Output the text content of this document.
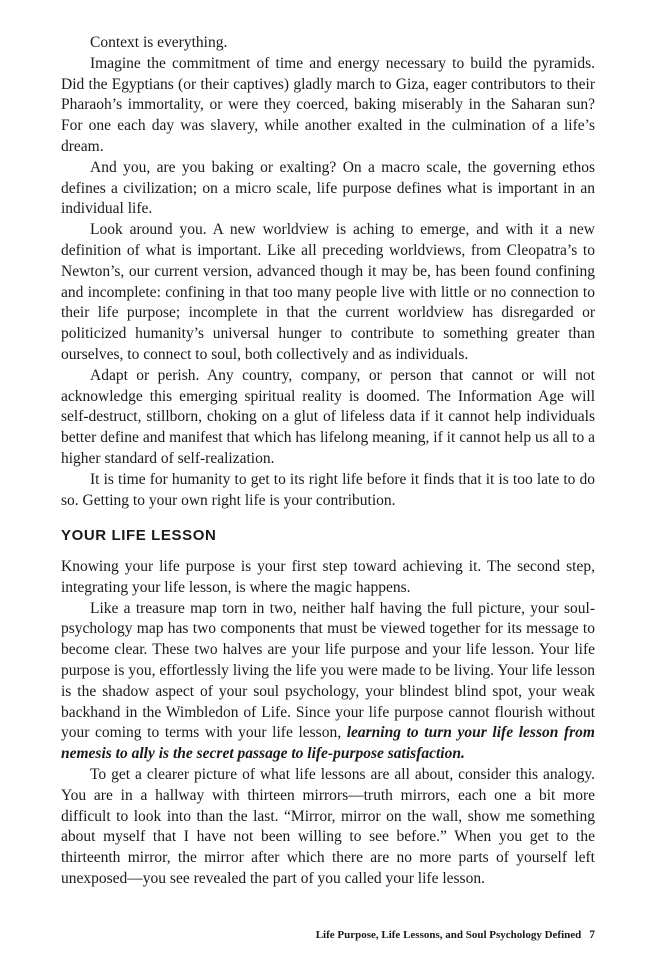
Context is everything.

Imagine the commitment of time and energy necessary to build the pyramids. Did the Egyptians (or their captives) gladly march to Giza, eager contributors to their Pharaoh’s immortality, or were they coerced, baking miserably in the Saharan sun? For one each day was slavery, while another exalted in the culmination of a life’s dream.

And you, are you baking or exalting? On a macro scale, the governing ethos defines a civilization; on a micro scale, life purpose defines what is important in an individual life.

Look around you. A new worldview is aching to emerge, and with it a new definition of what is important. Like all preceding worldviews, from Cleopatra’s to Newton’s, our current version, advanced though it may be, has been found confining and incomplete: confining in that too many people live with little or no connection to their life purpose; incomplete in that the current worldview has disregarded or politicized humanity’s universal hunger to contribute to something greater than ourselves, to connect to soul, both collectively and as individuals.

Adapt or perish. Any country, company, or person that cannot or will not acknowledge this emerging spiritual reality is doomed. The Information Age will self-destruct, stillborn, choking on a glut of lifeless data if it cannot help individuals better define and manifest that which has lifelong meaning, if it cannot help us all to a higher standard of self-realization.

It is time for humanity to get to its right life before it finds that it is too late to do so. Getting to your own right life is your contribution.

YOUR LIFE LESSON

Knowing your life purpose is your first step toward achieving it. The second step, integrating your life lesson, is where the magic happens.

Like a treasure map torn in two, neither half having the full picture, your soul-psychology map has two components that must be viewed together for its message to become clear. These two halves are your life purpose and your life lesson. Your life purpose is you, effortlessly living the life you were made to be living. Your life lesson is the shadow aspect of your soul psychology, your blindest blind spot, your weak backhand in the Wimbledon of Life. Since your life purpose cannot flourish without your coming to terms with your life lesson, learning to turn your life lesson from nemesis to ally is the secret passage to life-purpose satisfaction.

To get a clearer picture of what life lessons are all about, consider this analogy. You are in a hallway with thirteen mirrors—truth mirrors, each one a bit more difficult to look into than the last. “Mirror, mirror on the wall, show me something about myself that I have not been willing to see before.” When you get to the thirteenth mirror, the mirror after which there are no more parts of yourself left unexposed—you see revealed the part of you called your life lesson.

Life Purpose, Life Lessons, and Soul Psychology Defined 7
